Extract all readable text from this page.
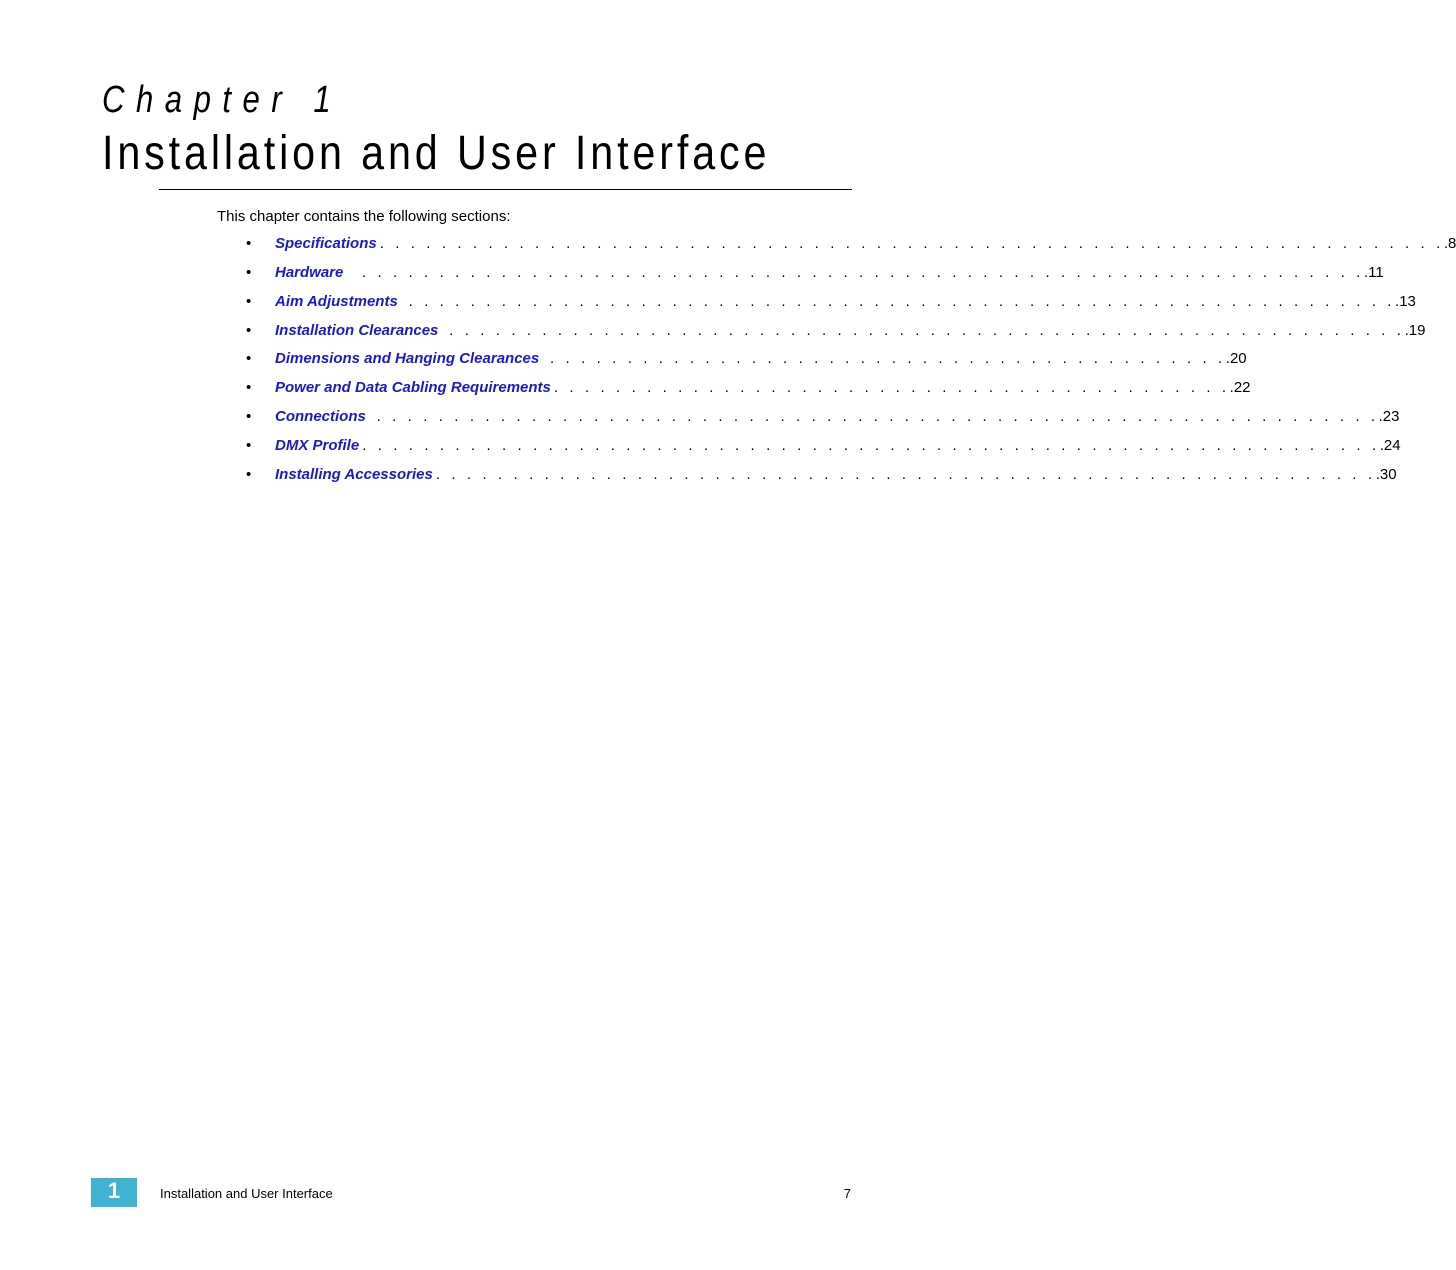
Chapter 1
Installation and User Interface
This chapter contains the following sections:
• Specifications . . . . . . . . . . . . . . . . . . . . . . . . . . . . . . . . . . . . . . . . . . . . . . . . . . . . . . . . . . . . . . . . . . . . . .8
• Hardware . . . . . . . . . . . . . . . . . . . . . . . . . . . . . . . . . . . . . . . . . . . . . . . . . . . . . . . . . . . . . . . . . .11
• Aim Adjustments . . . . . . . . . . . . . . . . . . . . . . . . . . . . . . . . . . . . . . . . . . . . . . . . . . . . . . . . . . . . . . . . .13
• Installation Clearances . . . . . . . . . . . . . . . . . . . . . . . . . . . . . . . . . . . . . . . . . . . . . . . . . . . . . . . . . . . . . . .19
• Dimensions and Hanging Clearances . . . . . . . . . . . . . . . . . . . . . . . . . . . . . . . . . . . . . . . . . . . . .20
• Power and Data Cabling Requirements . . . . . . . . . . . . . . . . . . . . . . . . . . . . . . . . . . . . . . . . . . . . .22
• Connections . . . . . . . . . . . . . . . . . . . . . . . . . . . . . . . . . . . . . . . . . . . . . . . . . . . . . . . . . . . . . . . . . .23
• DMX Profile . . . . . . . . . . . . . . . . . . . . . . . . . . . . . . . . . . . . . . . . . . . . . . . . . . . . . . . . . . . . . . . . . . .24
• Installing Accessories . . . . . . . . . . . . . . . . . . . . . . . . . . . . . . . . . . . . . . . . . . . . . . . . . . . . . . . . . . . . . .30
1	Installation and User Interface	7
